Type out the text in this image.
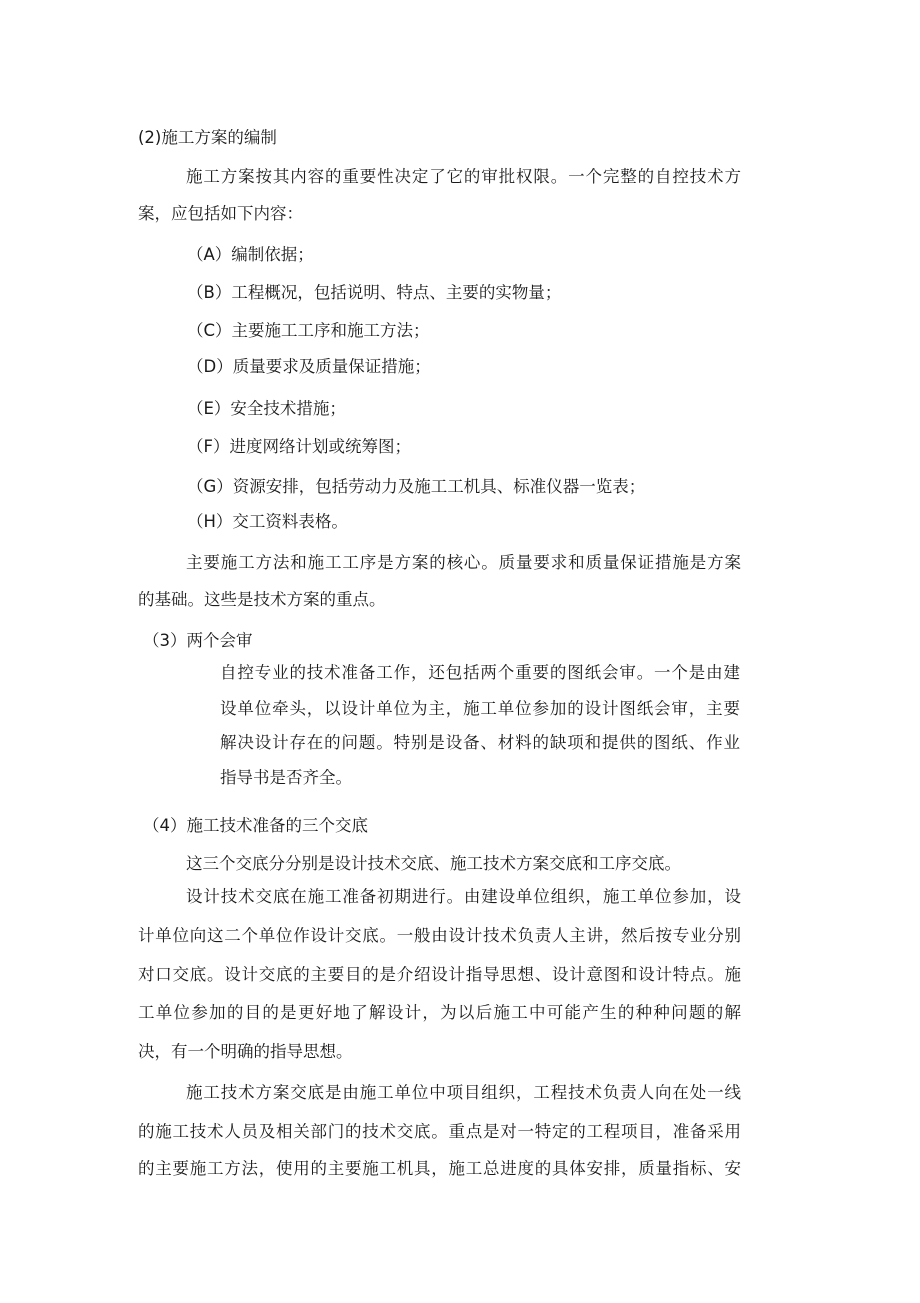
(2)施工方案的编制
施工方案按其内容的重要性决定了它的审批权限。一个完整的自控技术方
案，应包括如下内容：
（A）编制依据；
（B）工程概况，包括说明、特点、主要的实物量；
（C）主要施工工序和施工方法；
（D）质量要求及质量保证措施；
（E）安全技术措施；
（F）进度网络计划或统筹图；
（G）资源安排，包括劳动力及施工工机具、标准仪器一览表；
（H）交工资料表格。
主要施工方法和施工工序是方案的核心。质量要求和质量保证措施是方案
的基础。这些是技术方案的重点。
（3）两个会审
自控专业的技术准备工作，还包括两个重要的图纸会审。一个是由建
设单位牵头，以设计单位为主，施工单位参加的设计图纸会审，主要
解决设计存在的问题。特别是设备、材料的缺项和提供的图纸、作业
指导书是否齐全。
（4）施工技术准备的三个交底
这三个交底分分别是设计技术交底、施工技术方案交底和工序交底。
设计技术交底在施工准备初期进行。由建设单位组织，施工单位参加，设
计单位向这二个单位作设计交底。一般由设计技术负责人主讲，然后按专业分别
对口交底。设计交底的主要目的是介绍设计指导思想、设计意图和设计特点。施
工单位参加的目的是更好地了解设计，为以后施工中可能产生的种种问题的解
决，有一个明确的指导思想。
施工技术方案交底是由施工单位中项目组织，工程技术负责人向在处一线
的施工技术人员及相关部门的技术交底。重点是对一特定的工程项目，准备采用
的主要施工方法，使用的主要施工机具，施工总进度的具体安排，质量指标、安
